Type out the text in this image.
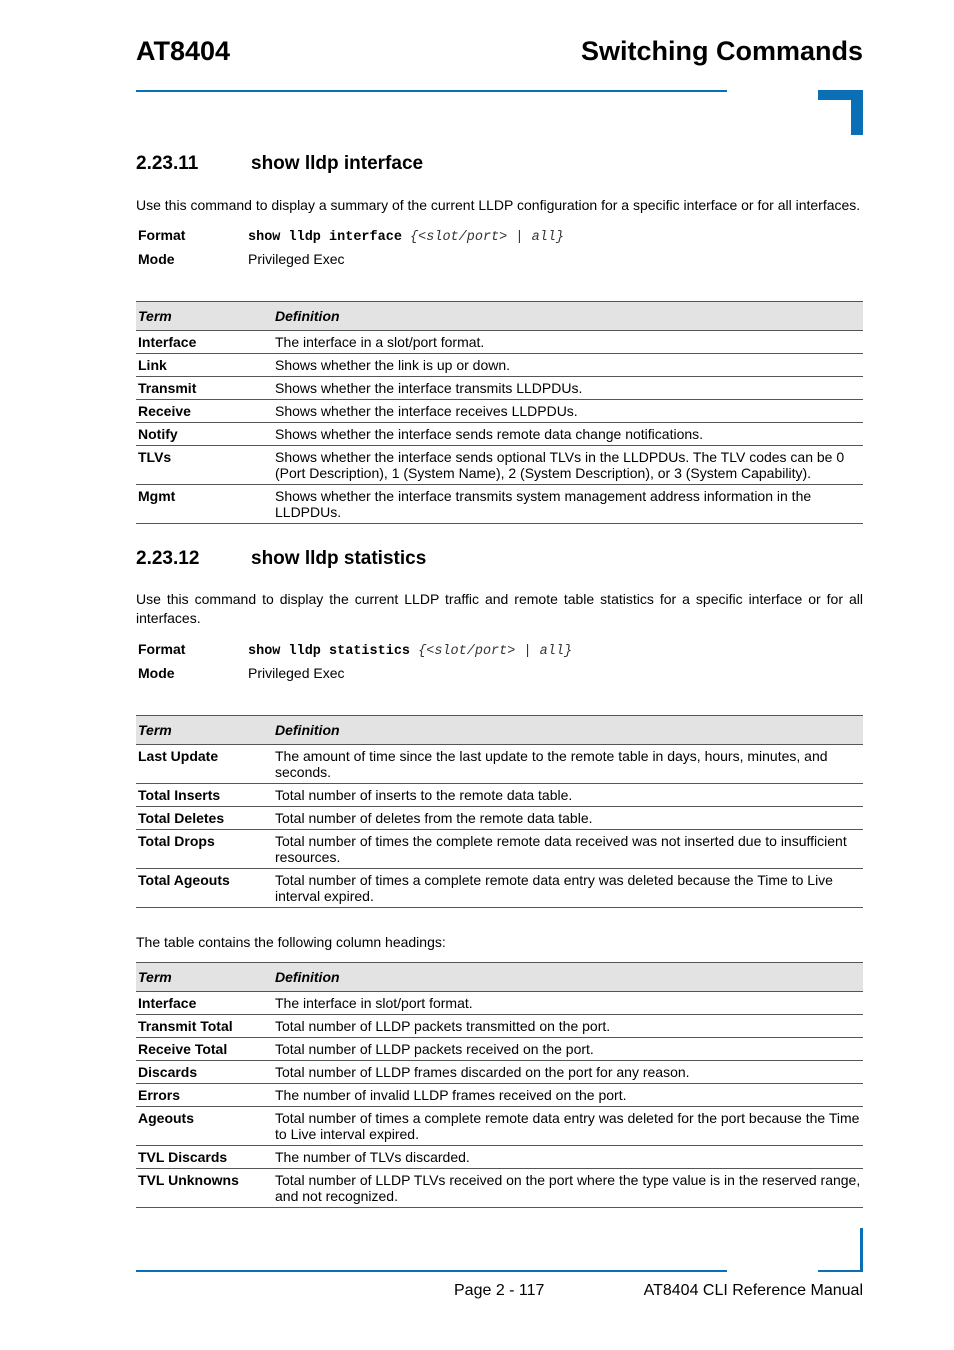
AT8404	Switching Commands
2.23.11	show lldp interface
Use this command to display a summary of the current LLDP configuration for a specific interface or for all interfaces.
Format	show lldp interface {<slot/port> | all}
Mode	Privileged Exec
Term	Definition
Interface	The interface in a slot/port format.
Link	Shows whether the link is up or down.
Transmit	Shows whether the interface transmits LLDPDUs.
Receive	Shows whether the interface receives LLDPDUs.
Notify	Shows whether the interface sends remote data change notifications.
TLVs	Shows whether the interface sends optional TLVs in the LLDPDUs. The TLV codes can be 0 (Port Description), 1 (System Name), 2 (System Description), or 3 (System Capability).
Mgmt	Shows whether the interface transmits system management address information in the LLDPDUs.
2.23.12	show lldp statistics
Use this command to display the current LLDP traffic and remote table statistics for a specific interface or for all interfaces.
Format	show lldp statistics {<slot/port> | all}
Mode	Privileged Exec
Term	Definition
Last Update	The amount of time since the last update to the remote table in days, hours, minutes, and seconds.
Total Inserts	Total number of inserts to the remote data table.
Total Deletes	Total number of deletes from the remote data table.
Total Drops	Total number of times the complete remote data received was not inserted due to insufficient resources.
Total Ageouts	Total number of times a complete remote data entry was deleted because the Time to Live interval expired.
The table contains the following column headings:
Term	Definition
Interface	The interface in slot/port format.
Transmit Total	Total number of LLDP packets transmitted on the port.
Receive Total	Total number of LLDP packets received on the port.
Discards	Total number of LLDP frames discarded on the port for any reason.
Errors	The number of invalid LLDP frames received on the port.
Ageouts	Total number of times a complete remote data entry was deleted for the port because the Time to Live interval expired.
TVL Discards	The number of TLVs discarded.
TVL Unknowns	Total number of LLDP TLVs received on the port where the type value is in the reserved range, and not recognized.
Page 2 - 117	AT8404 CLI Reference Manual
